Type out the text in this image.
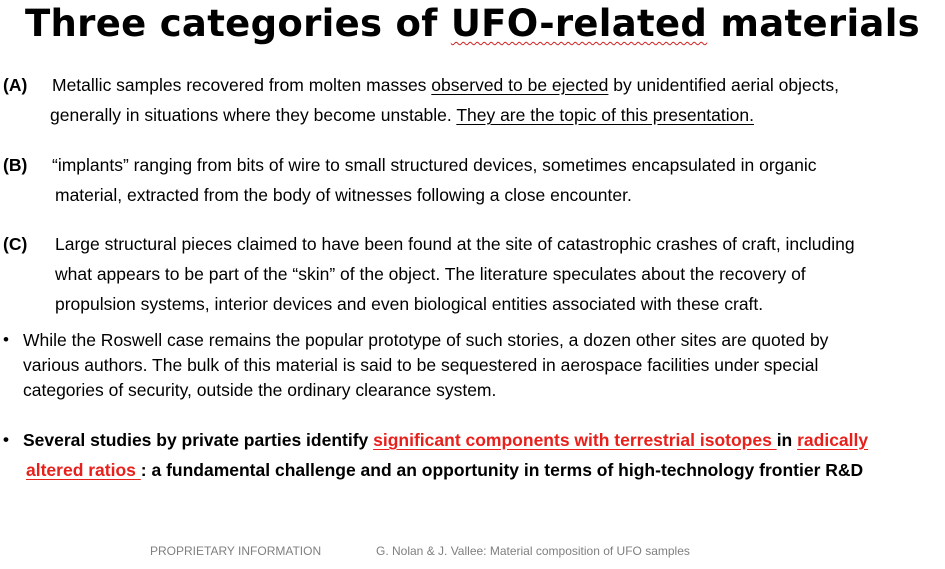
Three categories of UFO-related materials
(A) Metallic samples recovered from molten masses observed to be ejected by unidentified aerial objects,
generally in situations where they become unstable. They are the topic of this presentation.
(B) “implants” ranging from bits of wire to small structured devices, sometimes encapsulated in organic
material, extracted from the body of witnesses following a close encounter.
(C) Large structural pieces claimed to have been found at the site of catastrophic crashes of craft, including
what appears to be part of the “skin” of the object. The literature speculates about the recovery of
propulsion systems, interior devices and even biological entities associated with these craft.
• While the Roswell case remains the popular prototype of such stories, a dozen other sites are quoted by
various authors. The bulk of this material is said to be sequestered in aerospace facilities under special
categories of security, outside the ordinary clearance system.
• Several studies by private parties identify significant components with terrestrial isotopes in radically
altered ratios : a fundamental challenge and an opportunity in terms of high-technology frontier R&D
PROPRIETARY INFORMATION	G. Nolan & J. Vallee: Material composition of UFO samples
